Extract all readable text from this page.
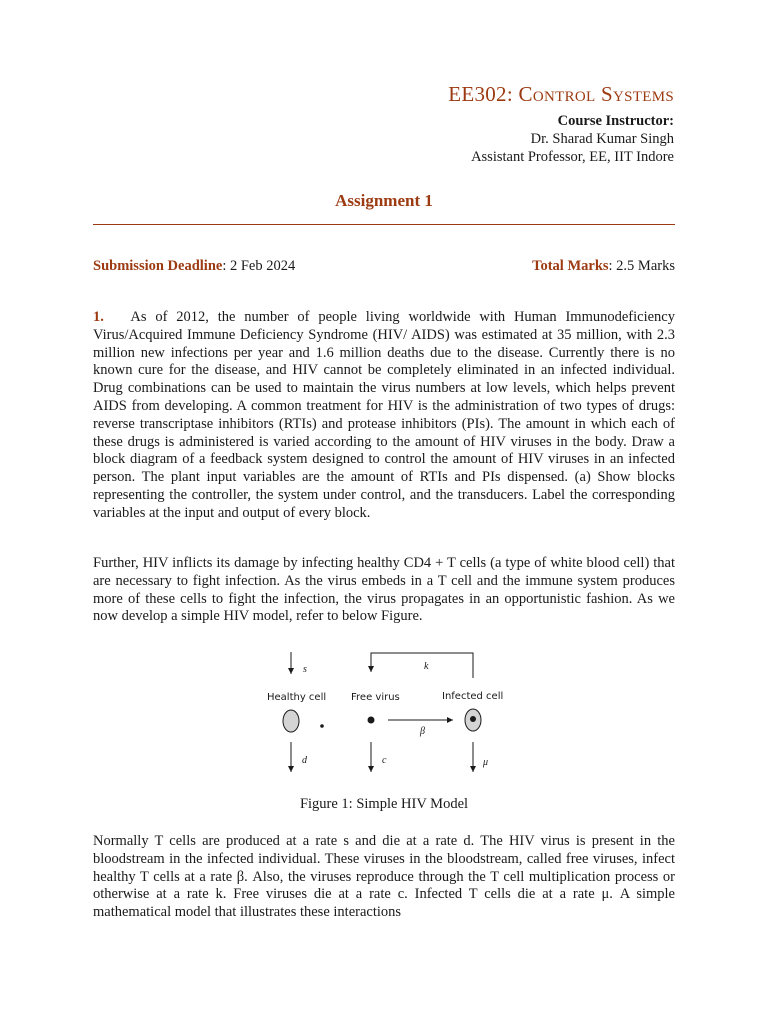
EE302: Control Systems
Course Instructor:
Dr. Sharad Kumar Singh
Assistant Professor, EE, IIT Indore
Assignment 1
Submission Deadline: 2 Feb 2024	Total Marks: 2.5 Marks

1. As of 2012, the number of people living worldwide with Human Immunodeficiency Virus/Acquired Immune Deficiency Syndrome (HIV/ AIDS) was estimated at 35 million, with 2.3 million new infections per year and 1.6 million deaths due to the disease. Currently there is no known cure for the disease, and HIV cannot be completely eliminated in an infected individual. Drug combinations can be used to maintain the virus numbers at low levels, which helps prevent AIDS from developing. A common treatment for HIV is the administration of two types of drugs: reverse transcriptase inhibitors (RTIs) and protease inhibitors (PIs). The amount in which each of these drugs is administered is varied according to the amount of HIV viruses in the body. Draw a block diagram of a feedback system designed to control the amount of HIV viruses in an infected person. The plant input variables are the amount of RTIs and PIs dispensed. (a) Show blocks representing the controller, the system under control, and the transducers. Label the corresponding variables at the input and output of every block.

Further, HIV inflicts its damage by infecting healthy CD4 + T cells (a type of white blood cell) that are necessary to fight infection. As the virus embeds in a T cell and the immune system produces more of these cells to fight the infection, the virus propagates in an opportunistic fashion. As we now develop a simple HIV model, refer to below Figure.

s	k
Healthy cell Free virus	Infected cell
β
d	c	μ
Figure 1: Simple HIV Model

Normally T cells are produced at a rate s and die at a rate d. The HIV virus is present in the bloodstream in the infected individual. These viruses in the bloodstream, called free viruses, infect healthy T cells at a rate β. Also, the viruses reproduce through the T cell multiplication process or otherwise at a rate k. Free viruses die at a rate c. Infected T cells die at a rate μ. A simple mathematical model that illustrates these interactions
